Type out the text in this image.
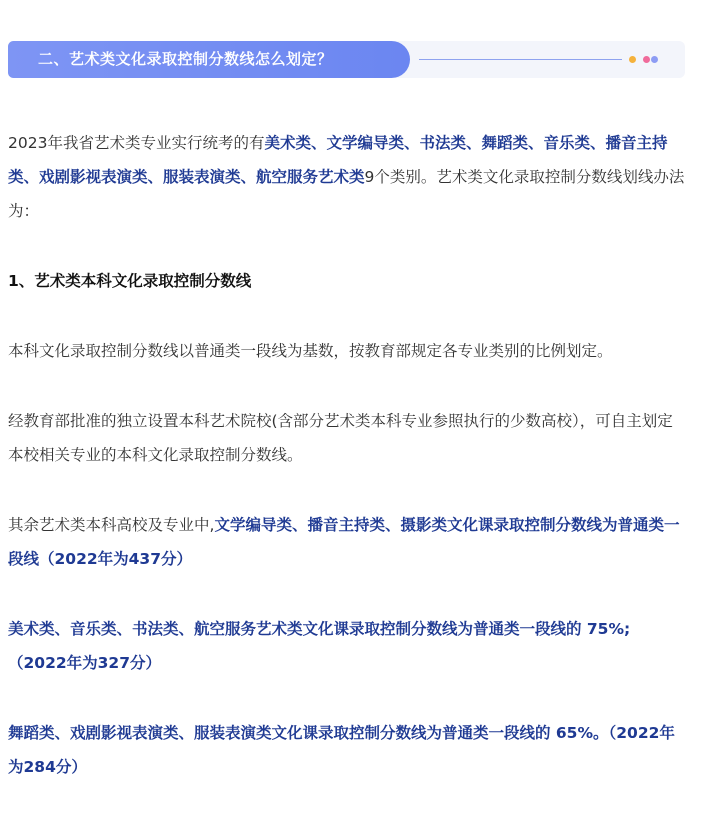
二、艺术类文化录取控制分数线怎么划定？

2023年我省艺术类专业实行统考的有美术类、文学编导类、书法类、舞蹈类、音乐类、播音主持类、戏剧影视表演类、服装表演类、航空服务艺术类9个类别。艺术类文化录取控制分数线划线办法为：

1、艺术类本科文化录取控制分数线

本科文化录取控制分数线以普通类一段线为基数，按教育部规定各专业类别的比例划定。

经教育部批准的独立设置本科艺术院校(含部分艺术类本科专业参照执行的少数高校），可自主划定本校相关专业的本科文化录取控制分数线。

其余艺术类本科高校及专业中,文学编导类、播音主持类、摄影类文化课录取控制分数线为普通类一段线（2022年为437分）

美术类、音乐类、书法类、航空服务艺术类文化课录取控制分数线为普通类一段线的 75%;（2022年为327分）

舞蹈类、戏剧影视表演类、服装表演类文化课录取控制分数线为普通类一段线的 65%。（2022年为284分）
